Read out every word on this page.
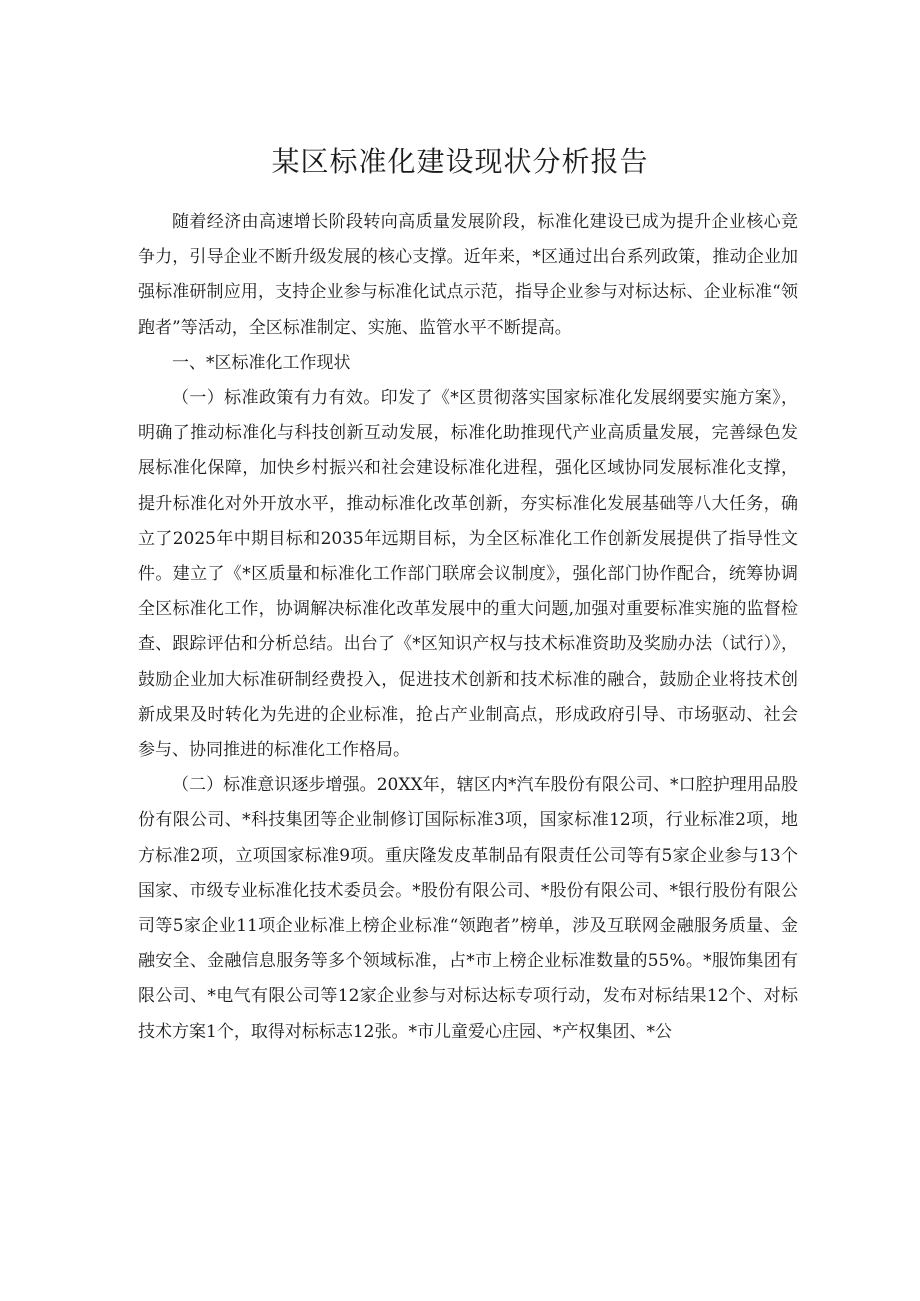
某区标准化建设现状分析报告

随着经济由高速增长阶段转向高质量发展阶段，标准化建设已成为提升企业核心竞争力，引导企业不断升级发展的核心支撑。近年来，*区通过出台系列政策，推动企业加强标准研制应用，支持企业参与标准化试点示范，指导企业参与对标达标、企业标准“领跑者”等活动，全区标准制定、实施、监管水平不断提高。

一、*区标准化工作现状

（一）标准政策有力有效。印发了《*区贯彻落实国家标准化发展纲要实施方案》，明确了推动标准化与科技创新互动发展，标准化助推现代产业高质量发展，完善绿色发展标准化保障，加快乡村振兴和社会建设标准化进程，强化区域协同发展标准化支撑，提升标准化对外开放水平，推动标准化改革创新，夯实标准化发展基础等八大任务，确立了2025年中期目标和2035年远期目标，为全区标准化工作创新发展提供了指导性文件。建立了《*区质量和标准化工作部门联席会议制度》，强化部门协作配合，统筹协调全区标准化工作，协调解决标准化改革发展中的重大问题,加强对重要标准实施的监督检查、跟踪评估和分析总结。出台了《*区知识产权与技术标准资助及奖励办法（试行）》，鼓励企业加大标准研制经费投入，促进技术创新和技术标准的融合，鼓励企业将技术创新成果及时转化为先进的企业标准，抢占产业制高点，形成政府引导、市场驱动、社会参与、协同推进的标准化工作格局。

（二）标准意识逐步增强。20XX年，辖区内*汽车股份有限公司、*口腔护理用品股份有限公司、*科技集团等企业制修订国际标准3项，国家标准12项，行业标准2项，地方标准2项，立项国家标准9项。重庆隆发皮革制品有限责任公司等有5家企业参与13个国家、市级专业标准化技术委员会。*股份有限公司、*股份有限公司、*银行股份有限公司等5家企业11项企业标准上榜企业标准“领跑者”榜单，涉及互联网金融服务质量、金融安全、金融信息服务等多个领域标准，占*市上榜企业标准数量的55%。*服饰集团有限公司、*电气有限公司等12家企业参与对标达标专项行动，发布对标结果12个、对标技术方案1个，取得对标标志12张。*市儿童爱心庄园、*产权集团、*公
